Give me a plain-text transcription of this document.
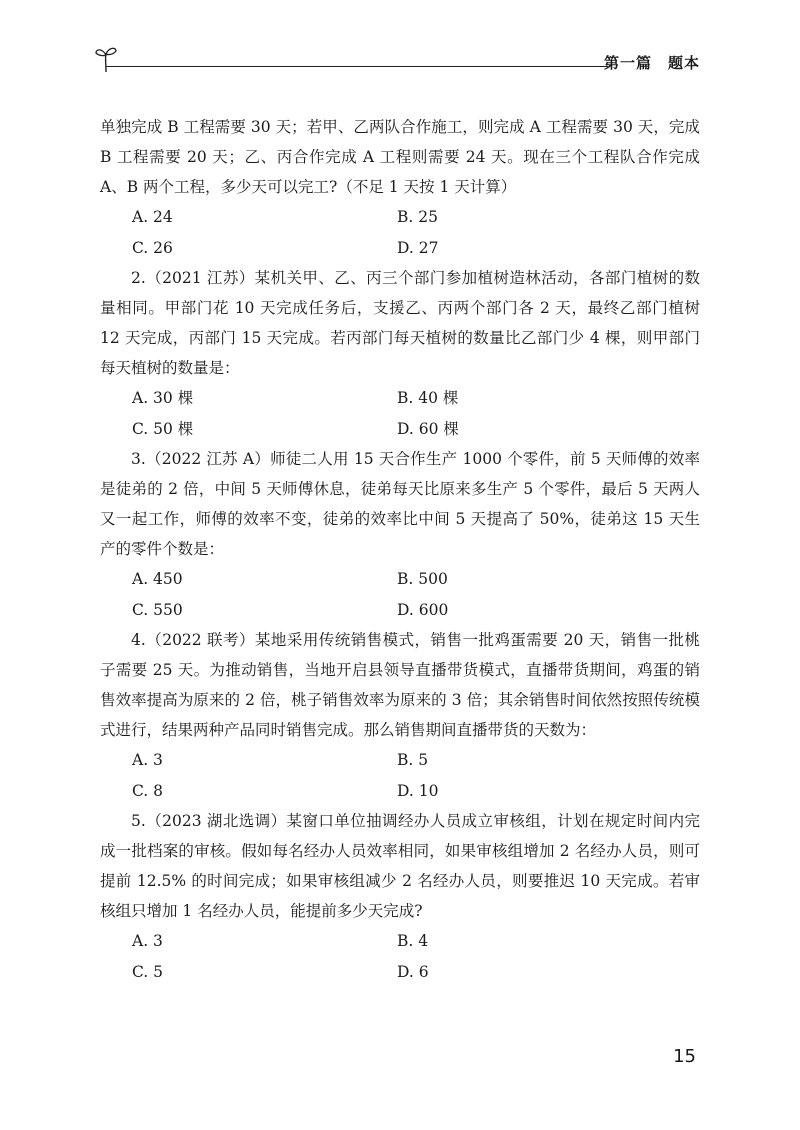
第一篇　题本

单独完成 B 工程需要 30 天；若甲、乙两队合作施工，则完成 A 工程需要 30 天，完成 B 工程需要 20 天；乙、丙合作完成 A 工程则需要 24 天。现在三个工程队合作完成 A、B 两个工程，多少天可以完工?（不足 1 天按 1 天计算）

A. 24	B. 25
C. 26	D. 27

2.（2021 江苏）某机关甲、乙、丙三个部门参加植树造林活动，各部门植树的数量相同。甲部门花 10 天完成任务后，支援乙、丙两个部门各 2 天，最终乙部门植树 12 天完成，丙部门 15 天完成。若丙部门每天植树的数量比乙部门少 4 棵，则甲部门每天植树的数量是：

A. 30 棵	B. 40 棵
C. 50 棵	D. 60 棵

3.（2022 江苏 A）师徒二人用 15 天合作生产 1000 个零件，前 5 天师傅的效率是徒弟的 2 倍，中间 5 天师傅休息，徒弟每天比原来多生产 5 个零件，最后 5 天两人又一起工作，师傅的效率不变，徒弟的效率比中间 5 天提高了 50%，徒弟这 15 天生产的零件个数是：

A. 450	B. 500
C. 550	D. 600

4.（2022 联考）某地采用传统销售模式，销售一批鸡蛋需要 20 天，销售一批桃子需要 25 天。为推动销售，当地开启县领导直播带货模式，直播带货期间，鸡蛋的销售效率提高为原来的 2 倍，桃子销售效率为原来的 3 倍；其余销售时间依然按照传统模式进行，结果两种产品同时销售完成。那么销售期间直播带货的天数为：

A. 3	B. 5
C. 8	D. 10

5.（2023 湖北选调）某窗口单位抽调经办人员成立审核组，计划在规定时间内完成一批档案的审核。假如每名经办人员效率相同，如果审核组增加 2 名经办人员，则可提前 12.5% 的时间完成；如果审核组减少 2 名经办人员，则要推迟 10 天完成。若审核组只增加 1 名经办人员，能提前多少天完成?

A. 3	B. 4
C. 5	D. 6
15
